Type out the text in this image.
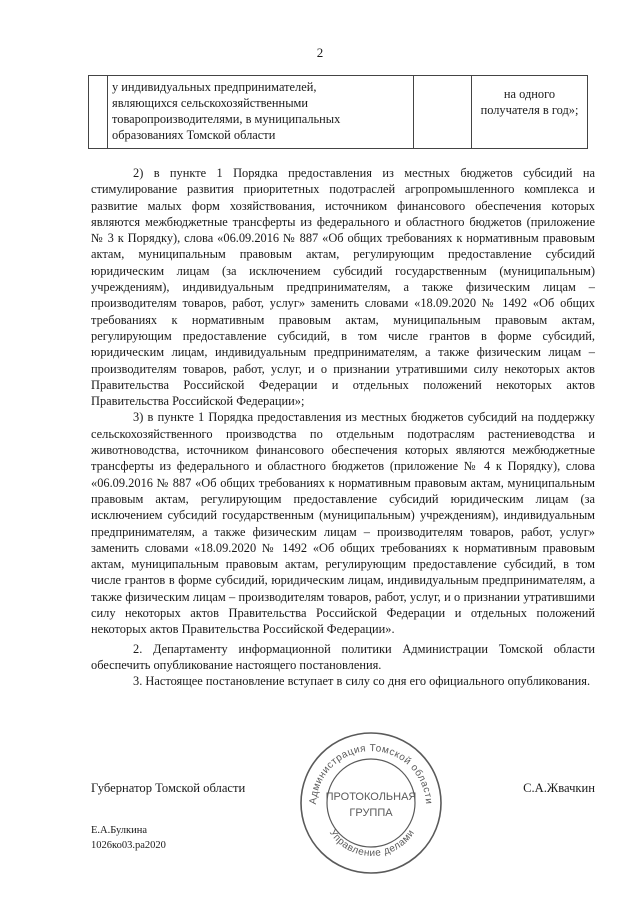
2
	у индивидуальных предпринимателей,
являющихся сельскохозяйственными
товаропроизводителями, в муниципальных
образованиях Томской области		на одного
получателя в год»;

2) в пункте 1 Порядка предоставления из местных бюджетов субсидий на стимулирование развития приоритетных подотраслей агропромышленного комплекса и развитие малых форм хозяйствования, источником финансового обеспечения которых являются межбюджетные трансферты из федерального и областного бюджетов (приложение № 3 к Порядку), слова «06.09.2016 № 887 «Об общих требованиях к нормативным правовым актам, муниципальным правовым актам, регулирующим предоставление субсидий юридическим лицам (за исключением субсидий государственным (муниципальным) учреждениям), индивидуальным предпринимателям, а также физическим лицам – производителям товаров, работ, услуг» заменить словами «18.09.2020 № 1492 «Об общих требованиях к нормативным правовым актам, муниципальным правовым актам, регулирующим предоставление субсидий, в том числе грантов в форме субсидий, юридическим лицам, индивидуальным предпринимателям, а также физическим лицам – производителям товаров, работ, услуг, и о признании утратившими силу некоторых актов Правительства Российской Федерации и отдельных положений некоторых актов Правительства Российской Федерации»;

3) в пункте 1 Порядка предоставления из местных бюджетов субсидий на поддержку сельскохозяйственного производства по отдельным подотраслям растениеводства и животноводства, источником финансового обеспечения которых являются межбюджетные трансферты из федерального и областного бюджетов (приложение № 4 к Порядку), слова «06.09.2016 № 887 «Об общих требованиях к нормативным правовым актам, муниципальным правовым актам, регулирующим предоставление субсидий юридическим лицам (за исключением субсидий государственным (муниципальным) учреждениям), индивидуальным предпринимателям, а также физическим лицам – производителям товаров, работ, услуг» заменить словами «18.09.2020 № 1492 «Об общих требованиях к нормативным правовым актам, муниципальным правовым актам, регулирующим предоставление субсидий, в том числе грантов в форме субсидий, юридическим лицам, индивидуальным предпринимателям, а также физическим лицам – производителям товаров, работ, услуг, и о признании утратившими силу некоторых актов Правительства Российской Федерации и отдельных положений некоторых актов Правительства Российской Федерации».

2. Департаменту информационной политики Администрации Томской области обеспечить опубликование настоящего постановления.

3. Настоящее постановление вступает в силу со дня его официального опубликования.

Администрация Томской области
Управление делами
ПРОТОКОЛЬНАЯ
ГРУППА
Губернатор Томской области	С.А.Жвачкин
Е.А.Булкина
1026ко03.ра2020
